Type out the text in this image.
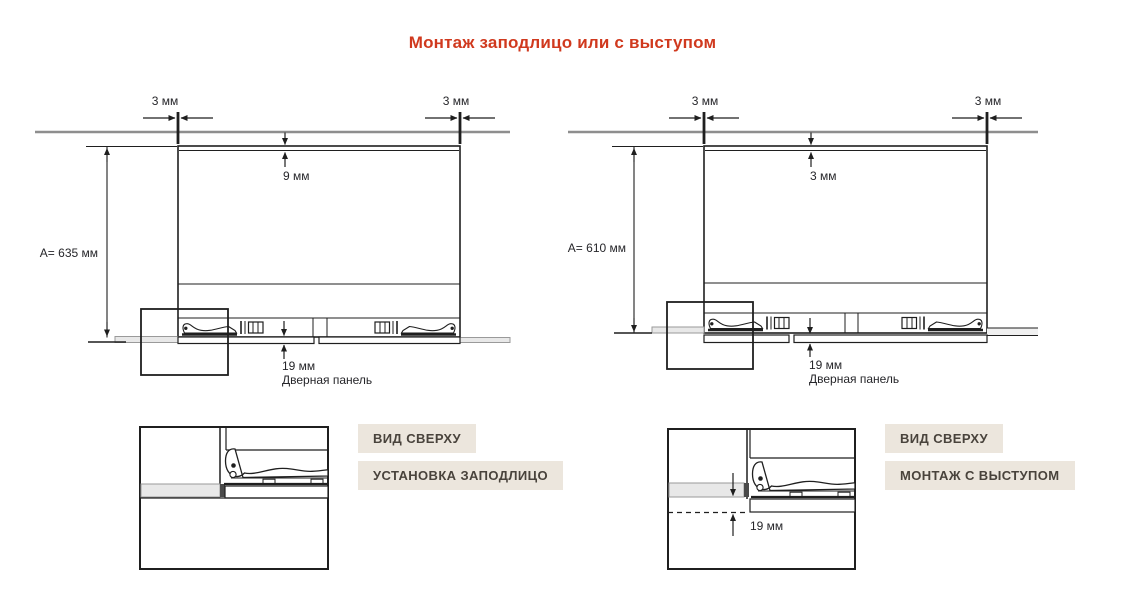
Монтаж заподлицо или с выступом
3 мм	3 мм
9 мм
A= 635 мм
19 мм
Дверная панель
3 мм	3 мм
3 мм
A= 610 мм
19 мм
Дверная панель
19 мм
ВИД СВЕРХУ
УСТАНОВКА ЗАПОДЛИЦО
ВИД СВЕРХУ
МОНТАЖ С ВЫСТУПОМ
